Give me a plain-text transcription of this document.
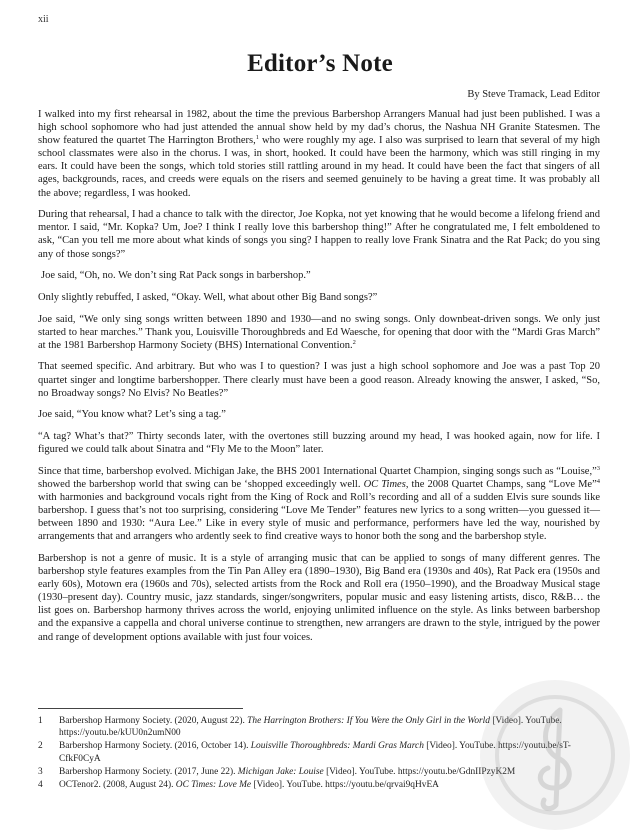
xii
Editor’s Note
By Steve Tramack, Lead Editor

I walked into my first rehearsal in 1982, about the time the previous Barbershop Arrangers Manual had just been published. I was a high school sophomore who had just attended the annual show held by my dad’s chorus, the Nashua NH Granite Statesmen. The show featured the quartet The Harrington Brothers,$^1$ who were roughly my age. I also was surprised to learn that several of my high school classmates were also in the chorus. I was, in short, hooked. It could have been the harmony, which was still ringing in my ears. It could have been the songs, which told stories still rattling around in my head. It could have been the fact that singers of all ages, backgrounds, races, and creeds were equals on the risers and seemed genuinely to be having a great time. It was probably all the above; regardless, I was hooked.

During that rehearsal, I had a chance to talk with the director, Joe Kopka, not yet knowing that he would become a lifelong friend and mentor. I said, “Mr. Kopka? Um, Joe? I think I really love this barbershop thing!” After he congratulated me, I felt emboldened to ask, “Can you tell me more about what kinds of songs you sing? I happen to really love Frank Sinatra and the Rat Pack; do you sing any of those songs?”

Joe said, “Oh, no. We don’t sing Rat Pack songs in barbershop.”

Only slightly rebuffed, I asked, “Okay. Well, what about other Big Band songs?”

Joe said, “We only sing songs written between 1890 and 1930—and no swing songs. Only downbeat-driven songs. We only just started to hear marches.” Thank you, Louisville Thoroughbreds and Ed Waesche, for opening that door with the “Mardi Gras March” at the 1981 Barbershop Harmony Society (BHS) International Convention.$^2$

That seemed specific. And arbitrary. But who was I to question? I was just a high school sophomore and Joe was a past Top 20 quartet singer and longtime barbershopper. There clearly must have been a good reason. Already knowing the answer, I asked, “So, no Broadway songs? No Elvis? No Beatles?”

Joe said, “You know what? Let’s sing a tag.”

“A tag? What’s that?” Thirty seconds later, with the overtones still buzzing around my head, I was hooked again, now for life. I figured we could talk about Sinatra and “Fly Me to the Moon” later.

Since that time, barbershop evolved. Michigan Jake, the BHS 2001 International Quartet Champion, singing songs such as “Louise,”$^3$ showed the barbershop world that swing can be ‘shopped exceedingly well. OC Times, the 2008 Quartet Champs, sang “Love Me”$^4$ with harmonies and background vocals right from the King of Rock and Roll’s recording and all of a sudden Elvis sure sounds like barbershop. I guess that’s not too surprising, considering “Love Me Tender” features new lyrics to a song written—you guessed it—between 1890 and 1930: “Aura Lee.” Like in every style of music and performance, performers have led the way, nourished by arrangements that and arrangers who ardently seek to find creative ways to honor both the song and the barbershop style.

Barbershop is not a genre of music. It is a style of arranging music that can be applied to songs of many different genres. The barbershop style features examples from the Tin Pan Alley era (1890–1930), Big Band era (1930s and 40s), Rat Pack era (1950s and early 60s), Motown era (1960s and 70s), selected artists from the Rock and Roll era (1950–1990), and the Broadway Musical stage (1930–present day). Country music, jazz standards, singer/songwriters, popular music and easy listening artists, disco, R&B… the list goes on. Barbershop harmony thrives across the world, enjoying unlimited influence on the style. As links between barbershop and the expansive a cappella and choral universe continue to strengthen, new arrangers are drawn to the style, intrigued by the power and range of development options available with just four voices.

1	Barbershop Harmony Society. (2020, August 22). The Harrington Brothers: If You Were the Only Girl in the World [Video]. YouTube. https://youtu.be/kUU0n2umN00
2	Barbershop Harmony Society. (2016, October 14). Louisville Thoroughbreds: Mardi Gras March [Video]. YouTube. https://youtu.be/sT-CfkF0CyA
3	Barbershop Harmony Society. (2017, June 22). Michigan Jake: Louise [Video]. YouTube. https://youtu.be/GdnIIPzyK2M
4	OCTenor2. (2008, August 24). OC Times: Love Me [Video]. YouTube. https://youtu.be/qrvai9qHvEA
